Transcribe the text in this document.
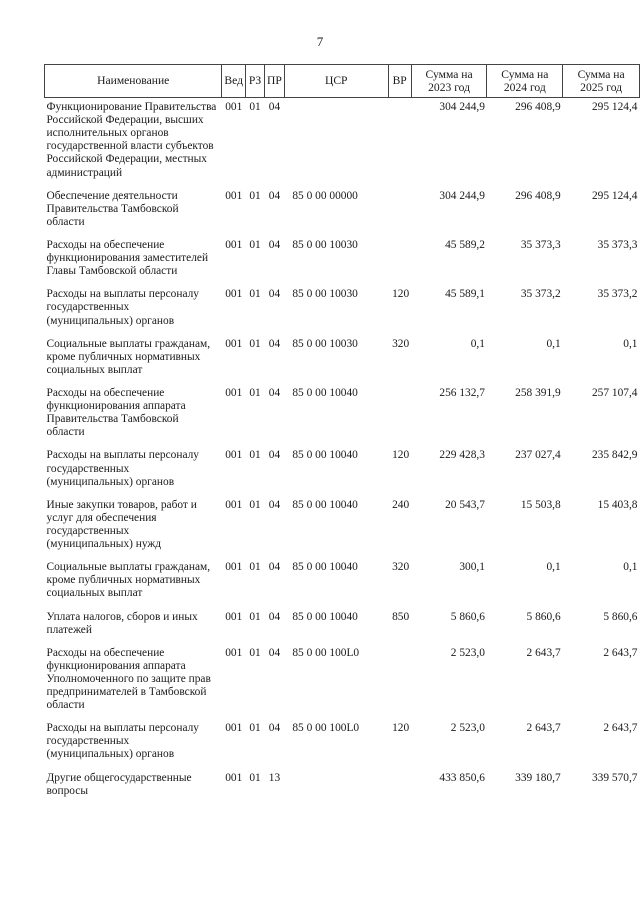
7
Наименование	Вед	РЗ	ПР	ЦСР	ВР	Сумма на 2023 год	Сумма на 2024 год	Сумма на 2025 год
Функционирование Правительства Российской Федерации, высших исполнительных органов государственной власти субъектов Российской Федерации, местных администраций	001	01	04			304 244,9	296 408,9	295 124,4
Обеспечение деятельности Правительства Тамбовской области	001	01	04	85 0 00 00000		304 244,9	296 408,9	295 124,4
Расходы на обеспечение функционирования заместителей Главы Тамбовской области	001	01	04	85 0 00 10030		45 589,2	35 373,3	35 373,3
Расходы на выплаты персоналу государственных (муниципальных) органов	001	01	04	85 0 00 10030	120	45 589,1	35 373,2	35 373,2
Социальные выплаты гражданам, кроме публичных нормативных социальных выплат	001	01	04	85 0 00 10030	320	0,1	0,1	0,1
Расходы на обеспечение функционирования аппарата Правительства Тамбовской области	001	01	04	85 0 00 10040		256 132,7	258 391,9	257 107,4
Расходы на выплаты персоналу государственных (муниципальных) органов	001	01	04	85 0 00 10040	120	229 428,3	237 027,4	235 842,9
Иные закупки товаров, работ и услуг для обеспечения государственных (муниципальных) нужд	001	01	04	85 0 00 10040	240	20 543,7	15 503,8	15 403,8
Социальные выплаты гражданам, кроме публичных нормативных социальных выплат	001	01	04	85 0 00 10040	320	300,1	0,1	0,1
Уплата налогов, сборов и иных платежей	001	01	04	85 0 00 10040	850	5 860,6	5 860,6	5 860,6
Расходы на обеспечение функционирования аппарата Уполномоченного по защите прав предпринимателей в Тамбовской области	001	01	04	85 0 00 100L0		2 523,0	2 643,7	2 643,7
Расходы на выплаты персоналу государственных (муниципальных) органов	001	01	04	85 0 00 100L0	120	2 523,0	2 643,7	2 643,7
Другие общегосударственные вопросы	001	01	13			433 850,6	339 180,7	339 570,7
